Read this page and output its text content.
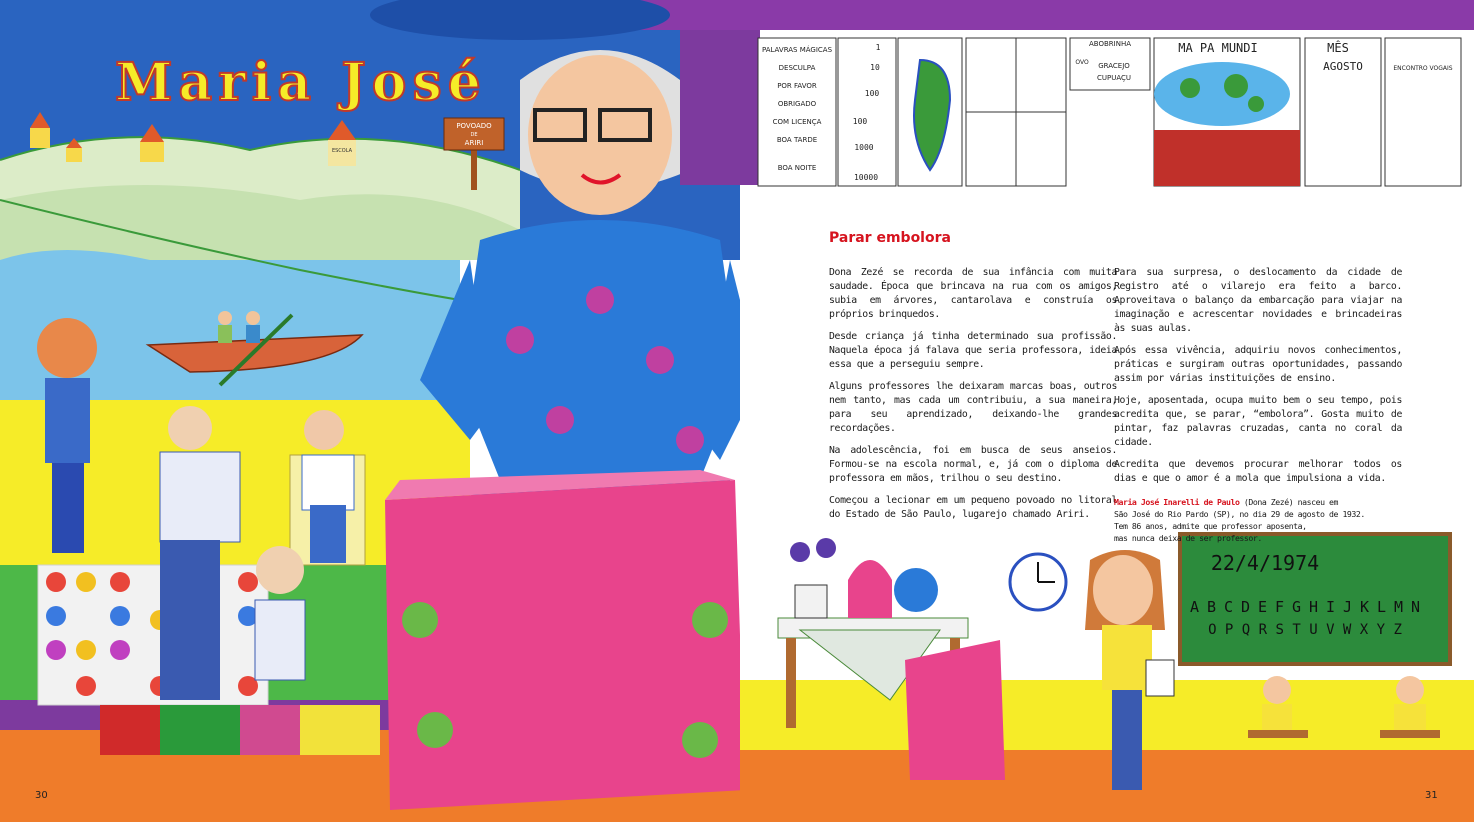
ESCOLA
POVOADO
DE
ARIRI
Maria José
PALAVRAS MÁGICAS
DESCULPA
POR FAVOR
OBRIGADO
COM LICENÇA
BOA TARDE
BOA NOITE
1
10
100
100
1000
10000
ABOBRINHA
OVO GRACEJO
CUPUAÇU
MA PA MUNDI	MÊS
AGOSTO	ENCONTRO VOGAIS
22/4/1974
A B C D E F G H I J K L M N
O P Q R S T U V W X Y Z
Parar embolora

Dona Zezé se recorda de sua infância com muita saudade. Época que brincava na rua com os amigos, subia em árvores, cantarolava e construía os próprios brinquedos.

Desde criança já tinha determinado sua profissão. Naquela época já falava que seria professora, ideia essa que a perseguiu sempre.

Alguns professores lhe deixaram marcas boas, outros nem tanto, mas cada um contribuiu, a sua maneira, para seu aprendizado, deixando-lhe grandes recordações.

Na adolescência, foi em busca de seus anseios. Formou-se na escola normal, e, já com o diploma de professora em mãos, trilhou o seu destino.

Começou a lecionar em um pequeno povoado no litoral do Estado de São Paulo, lugarejo chamado Ariri.

Para sua surpresa, o deslocamento da cidade de Registro até o vilarejo era feito a barco. Aproveitava o balanço da embarcação para viajar na imaginação e acrescentar novidades e brincadeiras às suas aulas.

Após essa vivência, adquiriu novos conhecimentos, práticas e surgiram outras oportunidades, passando assim por várias instituições de ensino.

Hoje, aposentada, ocupa muito bem o seu tempo, pois acredita que, se parar, “embolora”. Gosta muito de pintar, faz palavras cruzadas, canta no coral da cidade.

Acredita que devemos procurar melhorar todos os dias e que o amor é a mola que impulsiona a vida.

Maria José Inarelli de Paulo (Dona Zezé) nasceu em
São José do Rio Pardo (SP), no dia 29 de agosto de 1932.
Tem 86 anos, admite que professor aposenta,
mas nunca deixa de ser professor.
30	31
